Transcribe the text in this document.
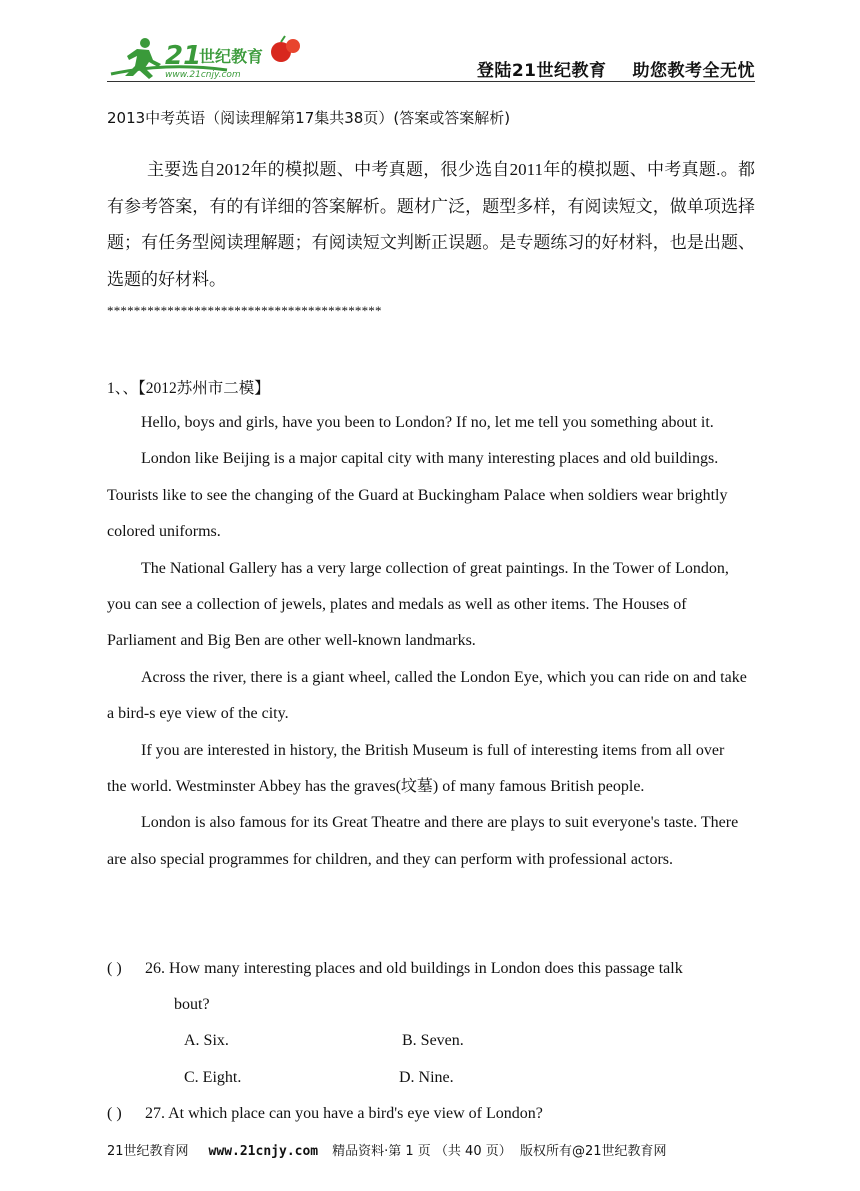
21
世纪教育
www.21cnjy.com	登陆21世纪教育 助您教考全无忧
2013中考英语（阅读理解第17集共38页）(答案或答案解析)
主要选自2012年的模拟题、中考真题，很少选自2011年的模拟题、中考真题.。都有参考答案，有的有详细的答案解析。题材广泛，题型多样，有阅读短文，做单项选择题；有任务型阅读理解题；有阅读短文判断正误题。是专题练习的好材料，也是出题、选题的好材料。
*****************************************
1、、【2012苏州市二模】

Hello, boys and girls, have you been to London? If no, let me tell you something about it.

London like Beijing is a major capital city with many interesting places and old buildings. Tourists like to see the changing of the Guard at Buckingham Palace when soldiers wear brightly colored uniforms.

The National Gallery has a very large collection of great paintings. In the Tower of London, you can see a collection of jewels, plates and medals as well as other items. The Houses of Parliament and Big Ben are other well-known landmarks.

Across the river, there is a giant wheel, called the London Eye, which you can ride on and take a bird-s eye view of the city.

If you are interested in history, the British Museum is full of interesting items from all over the world. Westminster Abbey has the graves(坟墓) of many famous British people.

London is also famous for its Great Theatre and there are plays to suit everyone's taste. There are also special programmes for children, and they can perform with professional actors.

( ) 26. How many interesting places and old buildings in London does this passage talk
bout?
A. Six.	B. Seven.
C. Eight.	D. Nine.
( ) 27. At which place can you have a bird's eye view of London?
21世纪教育网 www.21cnjy.com 精品资料·第 1 页 （共 40 页） 版权所有@21世纪教育网
